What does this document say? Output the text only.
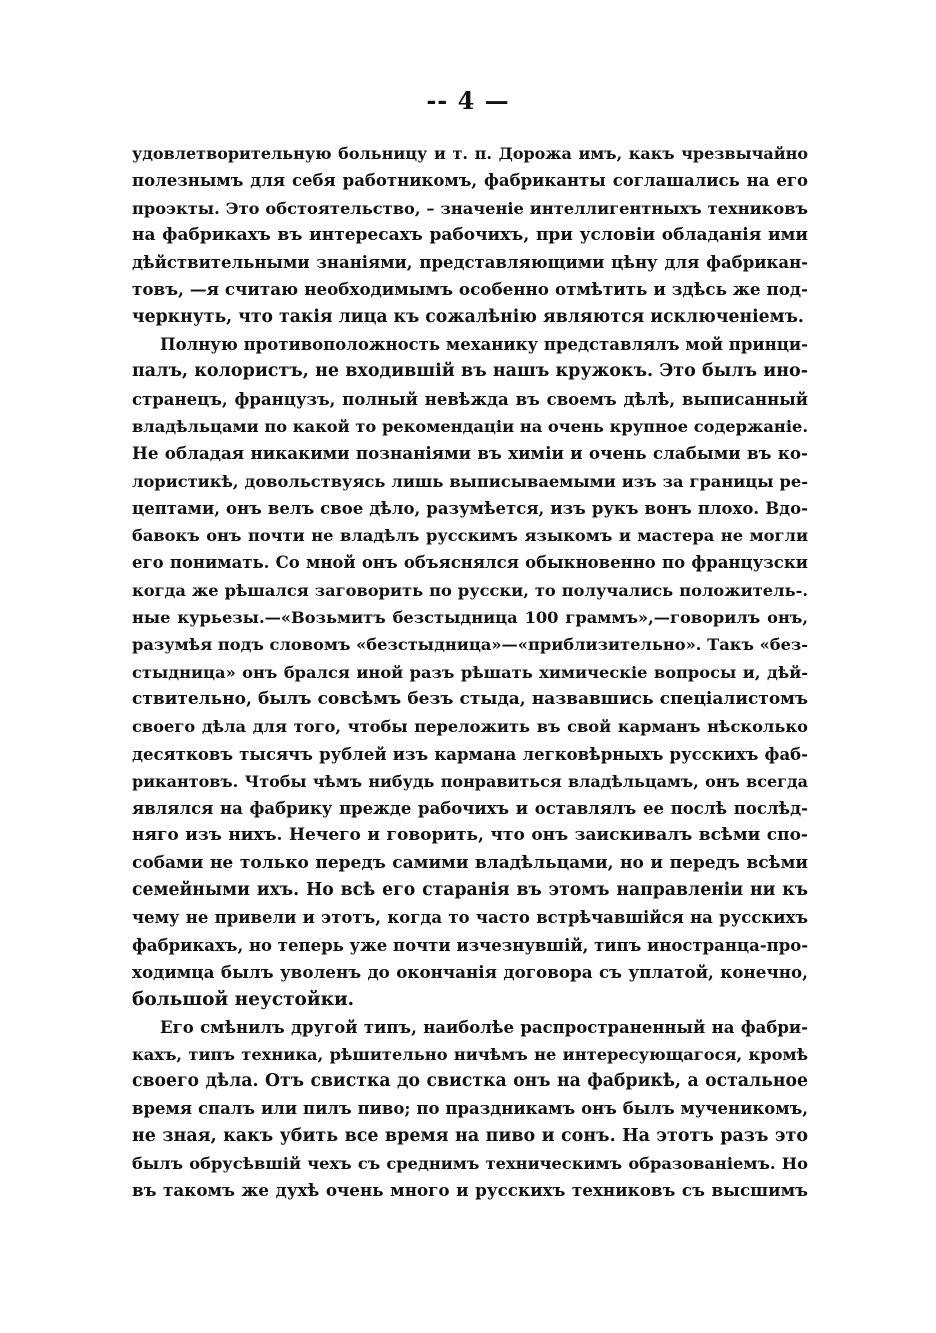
-- 4 —
удовлетворительную больницу и т. п. Дорожа имъ, какъ чрезвычайно
полезнымъ для себя работникомъ, фабриканты соглашались на его
проэкты. Это обстоятельство, – значенiе интеллигентныхъ техниковъ
на фабрикахъ въ интересахъ рабочихъ, при условiи обладанiя ими
дѣйствительными знанiями, представляющими цѣну для фабрикан-
товъ, —я считаю необходимымъ особенно отмѣтить и здѣсь же под-
черкнуть, что такiя лица къ сожалѣнiю являются исключенiемъ.
Полную противоположность механику представлялъ мой принци-
палъ, колористъ, не входившiй въ нашъ кружокъ. Это былъ ино-
странецъ, французъ, полный невѣжда въ своемъ дѣлѣ, выписанный
владѣльцами по какой то рекомендацiи на очень крупное содержанiе.
Не обладая никакими познанiями въ химiи и очень слабыми въ ко-
лористикѣ, довольствуясь лишь выписываемыми изъ за границы ре-
цептами, онъ велъ свое дѣло, разумѣется, изъ рукъ вонъ плохо. Вдо-
бавокъ онъ почти не владѣлъ русскимъ языкомъ и мастера не могли
его понимать. Со мной онъ объяснялся обыкновенно по французски
когда же рѣшался заговорить по русски, то получались положитель-.
ные курьезы.—«Возьмитъ безстыдница 100 граммъ»,—говорилъ онъ,
разумѣя подъ словомъ «безстыдница»—«приблизительно». Такъ «без-
стыдница» онъ брался иной разъ рѣшать химическiе вопросы и, дѣй-
ствительно, былъ совсѣмъ безъ стыда, назвавшись спецiалистомъ
своего дѣла для того, чтобы переложить въ свой карманъ нѣсколько
десятковъ тысячъ рублей изъ кармана легковѣрныхъ русскихъ фаб-
рикантовъ. Чтобы чѣмъ нибудь понравиться владѣльцамъ, онъ всегда
являлся на фабрику прежде рабочихъ и оставлялъ ее послѣ послѣд-
няго изъ нихъ. Нечего и говорить, что онъ заискивалъ всѣми спо-
собами не только передъ самими владѣльцами, но и передъ всѣми
семейными ихъ. Но всѣ его старанiя въ этомъ направленiи ни къ
чему не привели и этотъ, когда то часто встрѣчавшiйся на русскихъ
фабрикахъ, но теперь уже почти изчезнувшiй, типъ иностранца-про-
ходимца былъ уволенъ до окончанiя договора съ уплатой, конечно,
большой неустойки.
Его смѣнилъ другой типъ, наиболѣе распространенный на фабри-
кахъ, типъ техника, рѣшительно ничѣмъ не интересующагося, кромѣ
своего дѣла. Отъ свистка до свистка онъ на фабрикѣ, а остальное
время спалъ или пилъ пиво; по праздникамъ онъ былъ мученикомъ,
не зная, какъ убить все время на пиво и сонъ. На этотъ разъ это
былъ обрусѣвшiй чехъ съ среднимъ техническимъ образованiемъ. Но
въ такомъ же духѣ очень много и русскихъ техниковъ съ высшимъ
